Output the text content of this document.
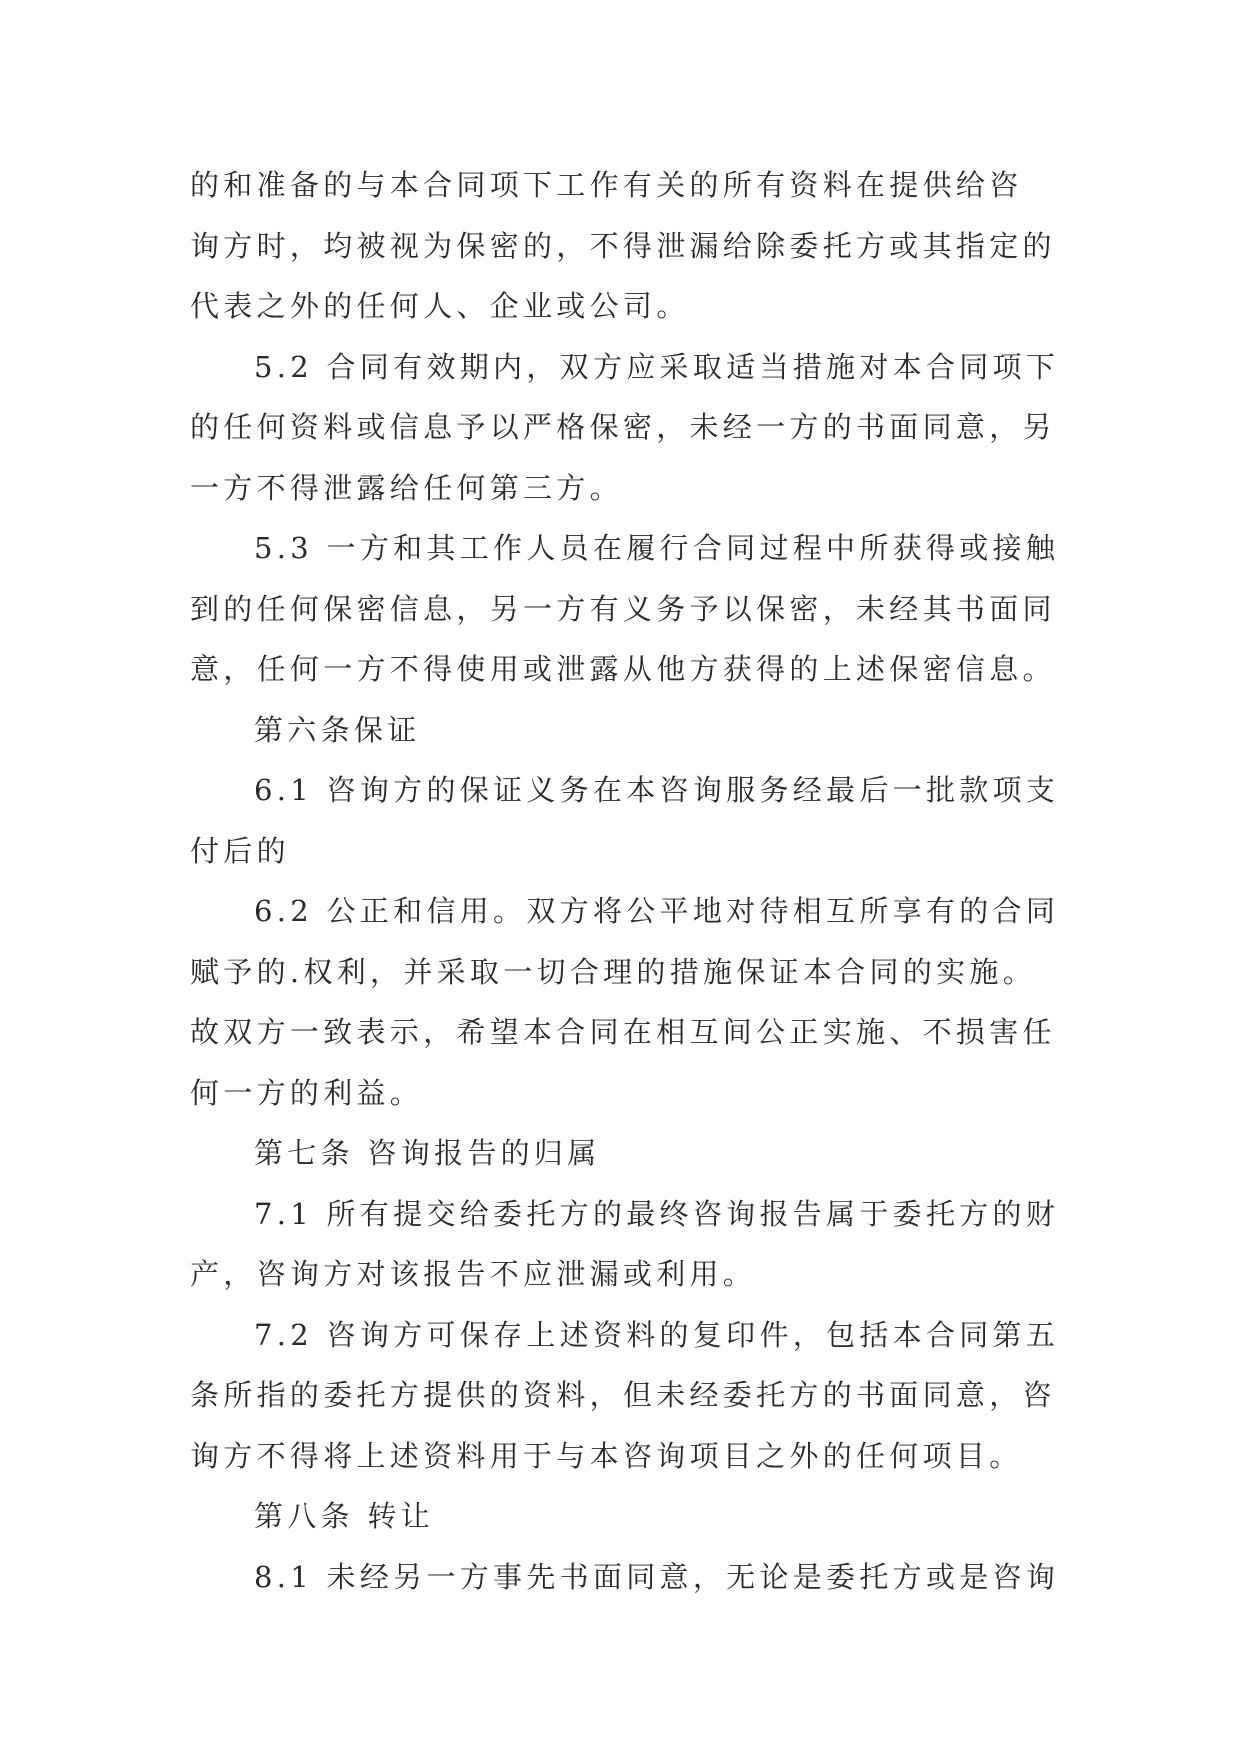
的和准备的与本合同项下工作有关的所有资料在提供给咨
询方时，均被视为保密的，不得泄漏给除委托方或其指定的
代表之外的任何人、企业或公司。
5.2 合同有效期内，双方应采取适当措施对本合同项下
的任何资料或信息予以严格保密，未经一方的书面同意，另
一方不得泄露给任何第三方。
5.3 一方和其工作人员在履行合同过程中所获得或接触
到的任何保密信息，另一方有义务予以保密，未经其书面同
意，任何一方不得使用或泄露从他方获得的上述保密信息。
第六条保证
6.1 咨询方的保证义务在本咨询服务经最后一批款项支
付后的
6.2 公正和信用。双方将公平地对待相互所享有的合同
赋予的.权利，并采取一切合理的措施保证本合同的实施。
故双方一致表示，希望本合同在相互间公正实施、不损害任
何一方的利益。
第七条 咨询报告的归属
7.1 所有提交给委托方的最终咨询报告属于委托方的财
产，咨询方对该报告不应泄漏或利用。
7.2 咨询方可保存上述资料的复印件，包括本合同第五
条所指的委托方提供的资料，但未经委托方的书面同意，咨
询方不得将上述资料用于与本咨询项目之外的任何项目。
第八条 转让
8.1 未经另一方事先书面同意，无论是委托方或是咨询
